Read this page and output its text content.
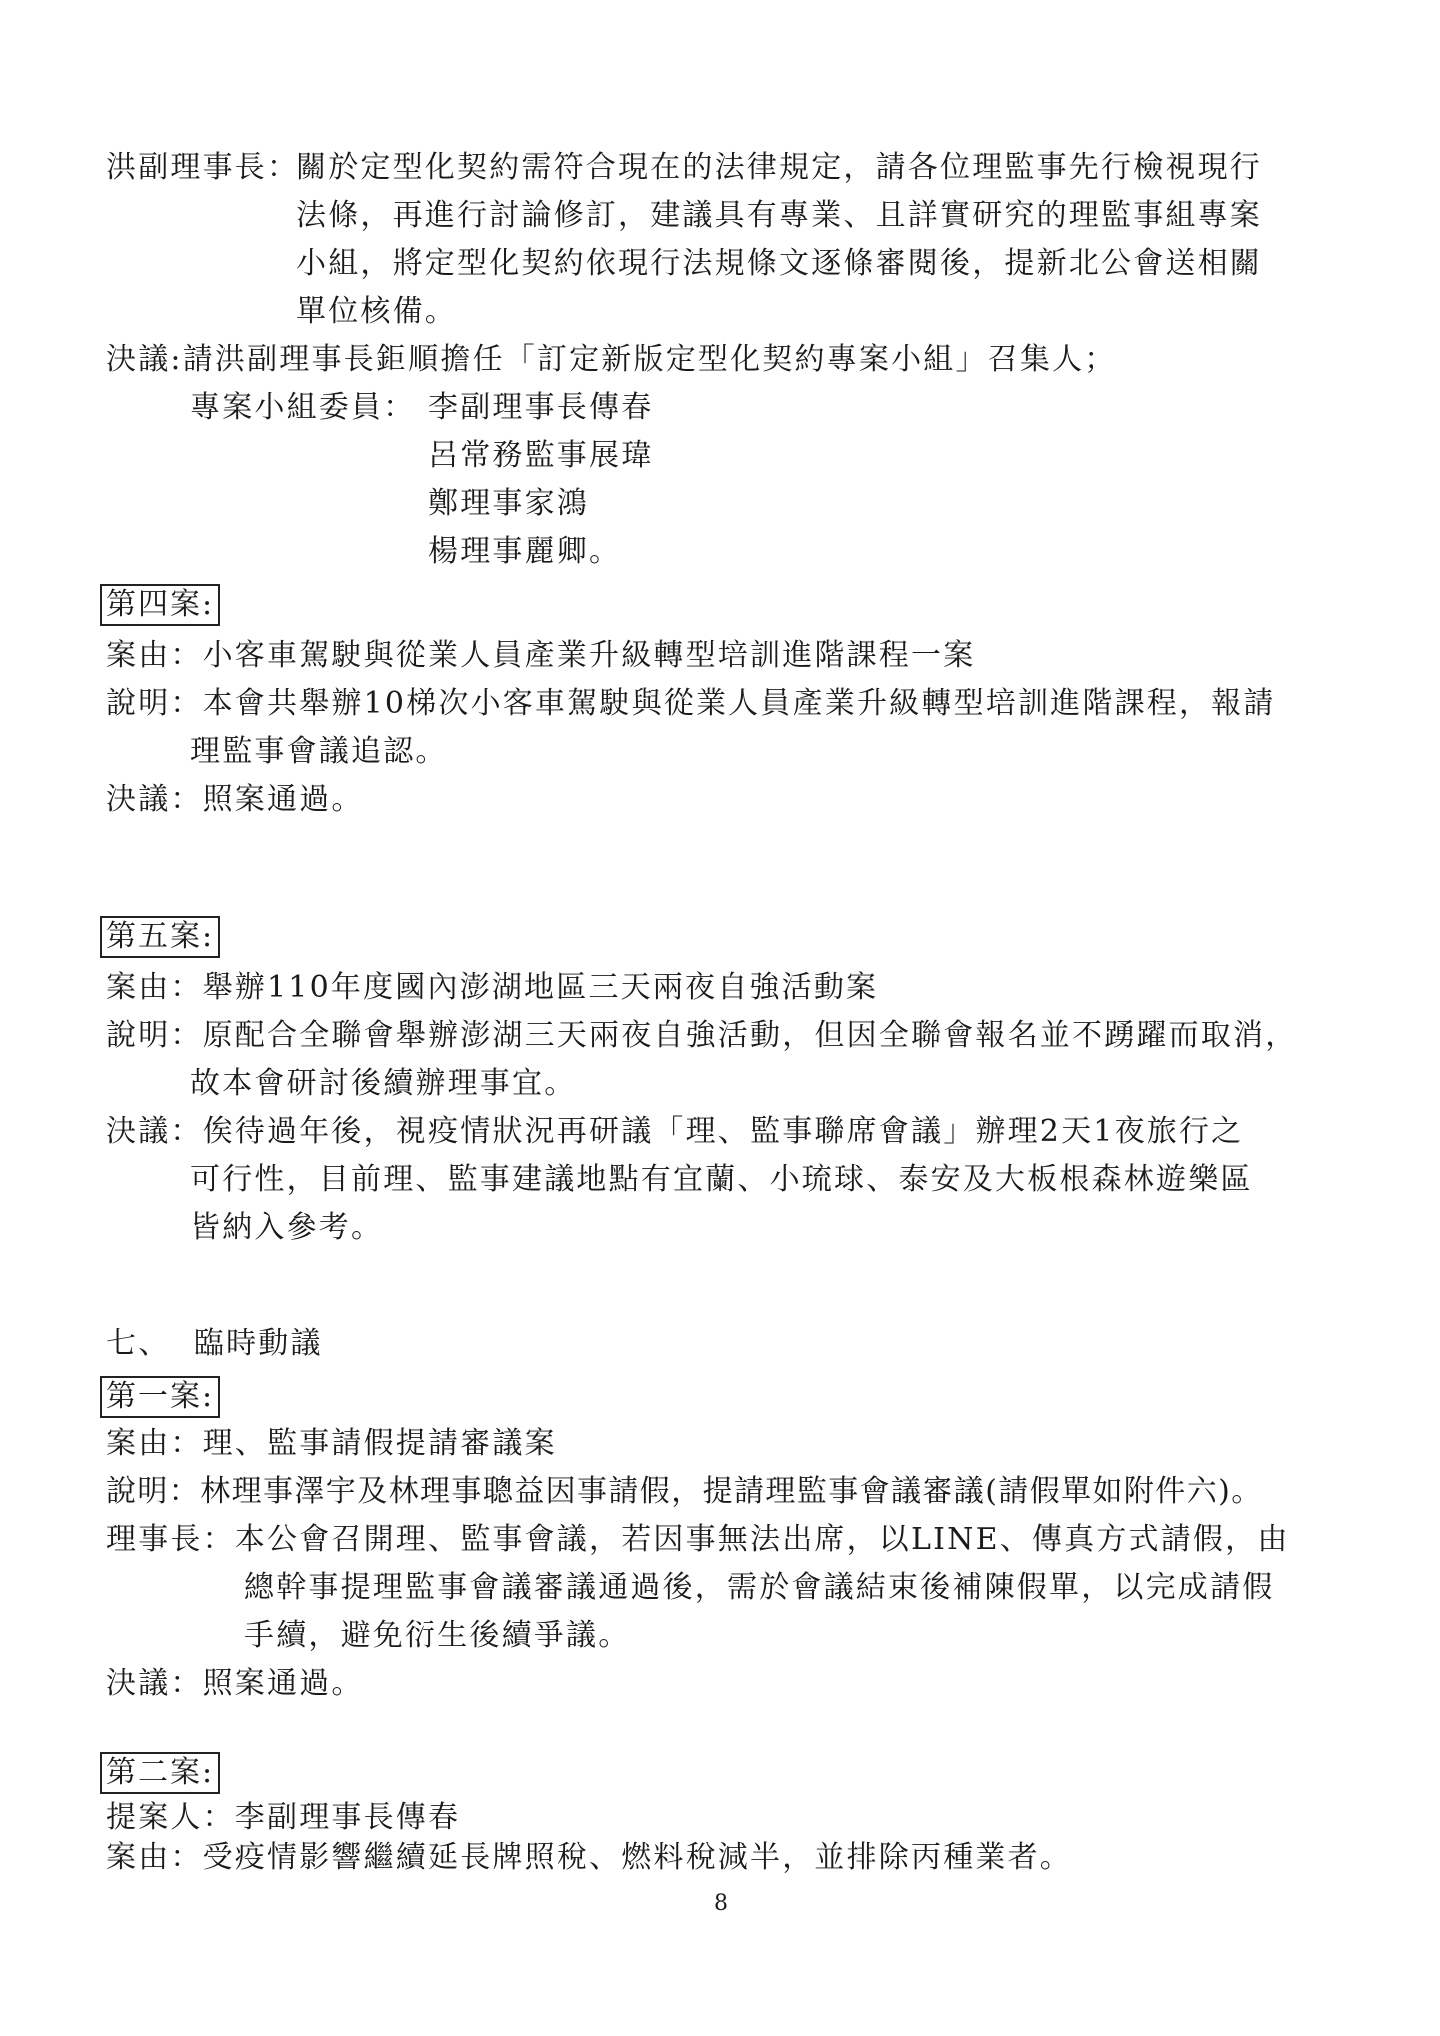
洪副理事長：
關於定型化契約需符合現在的法律規定，請各位理監事先行檢視現行
法條，再進行討論修訂，建議具有專業、且詳實研究的理監事組專案
小組，將定型化契約依現行法規條文逐條審閱後，提新北公會送相關
單位核備。
決議:請洪副理事長鉅順擔任「訂定新版定型化契約專案小組」召集人；
專案小組委員： 李副理事長傳春
呂常務監事展瑋
鄭理事家鴻
楊理事麗卿。
第四案:
案由：小客車駕駛與從業人員產業升級轉型培訓進階課程一案
說明：本會共舉辦10梯次小客車駕駛與從業人員產業升級轉型培訓進階課程，報請
理監事會議追認。
決議：照案通過。
第五案:
案由：舉辦110年度國內澎湖地區三天兩夜自強活動案
說明：原配合全聯會舉辦澎湖三天兩夜自強活動，但因全聯會報名並不踴躍而取消，
故本會研討後續辦理事宜。
決議：俟待過年後，視疫情狀況再研議「理、監事聯席會議」辦理2天1夜旅行之
可行性，目前理、監事建議地點有宜蘭、小琉球、泰安及大板根森林遊樂區
皆納入參考。
七、  臨時動議
第一案:
案由：理、監事請假提請審議案
說明：林理事澤宇及林理事聰益因事請假，提請理監事會議審議(請假單如附件六)。
理事長：本公會召開理、監事會議，若因事無法出席，以LINE、傳真方式請假，由
總幹事提理監事會議審議通過後，需於會議結束後補陳假單，以完成請假
手續，避免衍生後續爭議。
決議：照案通過。
第二案:
提案人：李副理事長傳春
案由：受疫情影響繼續延長牌照稅、燃料稅減半，並排除丙種業者。
8
